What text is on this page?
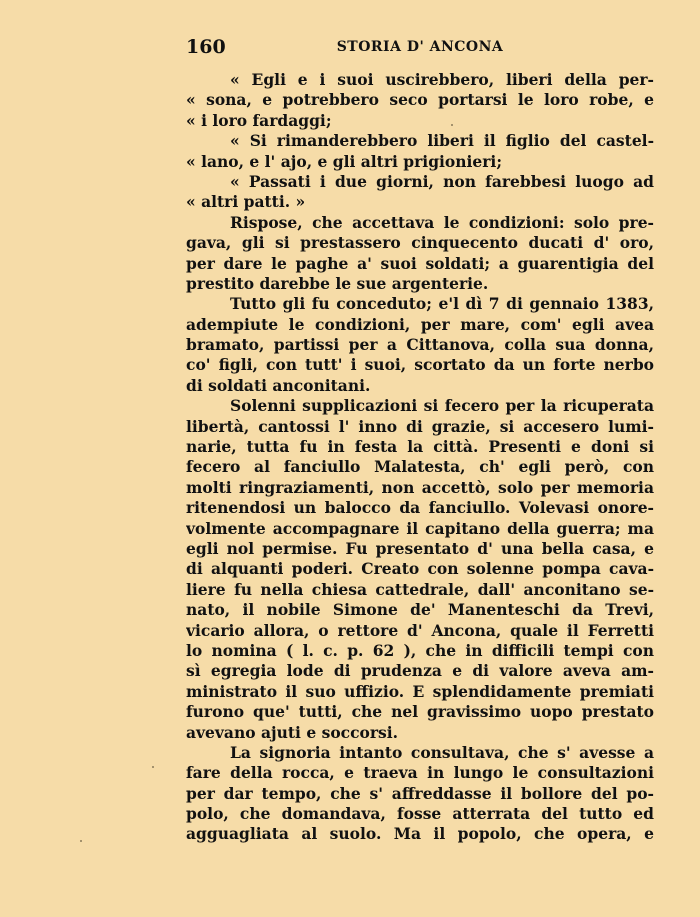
160	STORIA D' ANCONA
« Egli e i suoi uscirebbero, liberi della per-
« sona, e potrebbero seco portarsi le loro robe, e
« i loro fardaggi;
« Si rimanderebbero liberi il figlio del castel-
« lano, e l' ajo, e gli altri prigionieri;
« Passati i due giorni, non farebbesi luogo ad
« altri patti. »
Rispose, che accettava le condizioni: solo pre-
gava, gli si prestassero cinquecento ducati d' oro,
per dare le paghe a' suoi soldati; a guarentigia del
prestito darebbe le sue argenterie.
Tutto gli fu conceduto; e'l dì 7 di gennaio 1383,
adempiute le condizioni, per mare, com' egli avea
bramato, partissi per a Cittanova, colla sua donna,
co' figli, con tutt' i suoi, scortato da un forte nerbo
di soldati anconitani.
Solenni supplicazioni si fecero per la ricuperata
libertà, cantossi l' inno di grazie, si accesero lumi-
narie, tutta fu in festa la città. Presenti e doni si
fecero al fanciullo Malatesta, ch' egli però, con
molti ringraziamenti, non accettò, solo per memoria
ritenendosi un balocco da fanciullo. Volevasi onore-
volmente accompagnare il capitano della guerra; ma
egli nol permise. Fu presentato d' una bella casa, e
di alquanti poderi. Creato con solenne pompa cava-
liere fu nella chiesa cattedrale, dall' anconitano se-
nato, il nobile Simone de' Manenteschi da Trevi,
vicario allora, o rettore d' Ancona, quale il Ferretti
lo nomina ( l. c. p. 62 ), che in difficili tempi con
sì egregia lode di prudenza e di valore aveva am-
ministrato il suo uffizio. E splendidamente premiati
furono que' tutti, che nel gravissimo uopo prestato
avevano ajuti e soccorsi.
La signoria intanto consultava, che s' avesse a
fare della rocca, e traeva in lungo le consultazioni
per dar tempo, che s' affreddasse il bollore del po-
polo, che domandava, fosse atterrata del tutto ed
agguagliata al suolo. Ma il popolo, che opera, e
